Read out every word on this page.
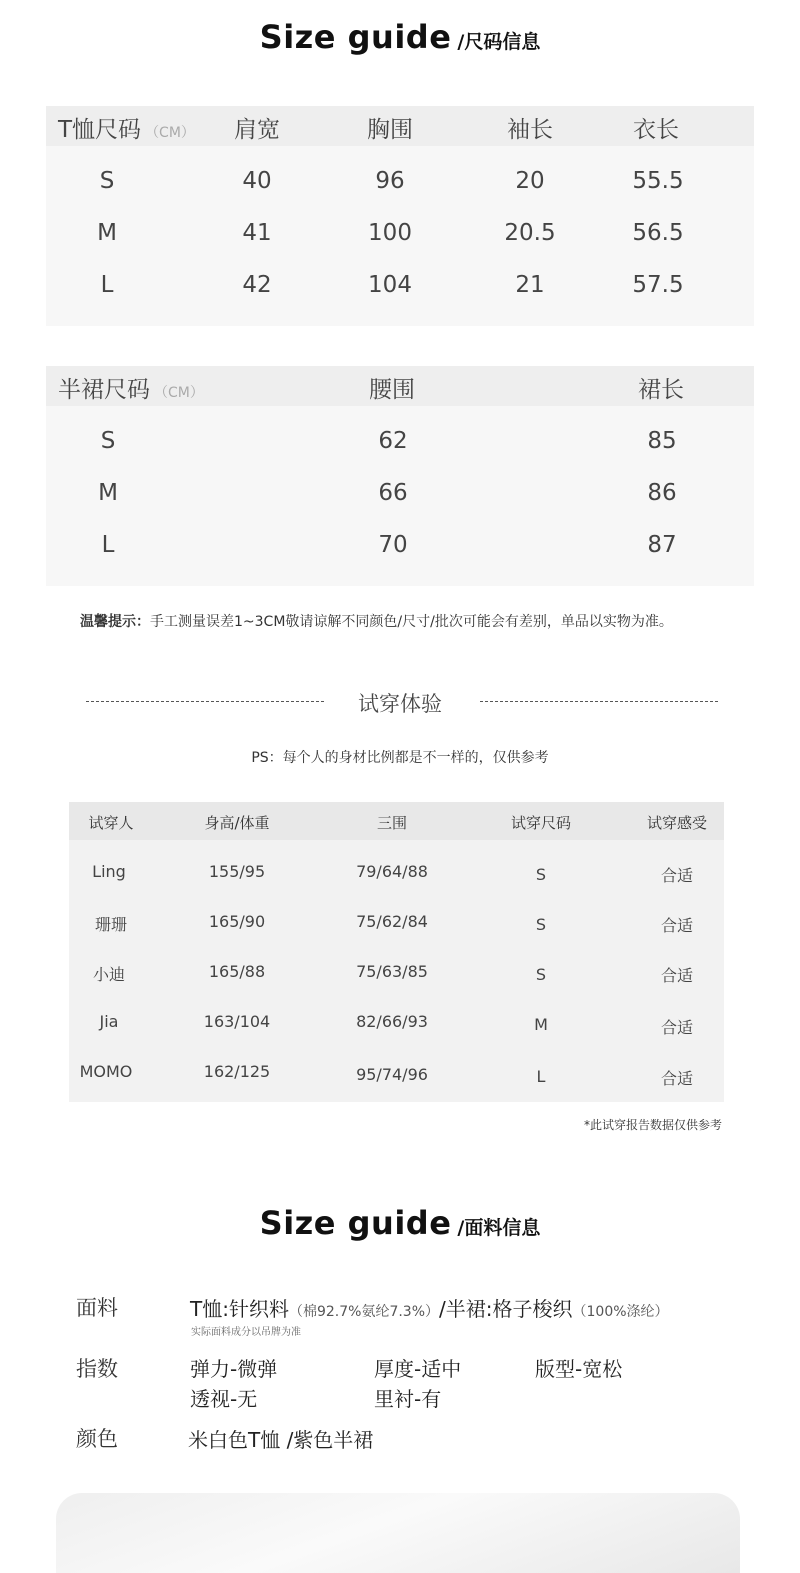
Size guide /尺码信息
T恤尺码 （CM） 肩宽	胸围	袖长	衣长
S	40	96	20	55.5
M	41	100	20.5	56.5
L	42	104	21	57.5
半裙尺码 （CM）	腰围	裙长
S	62	85
M	66	86
L	70	87
温馨提示：手工测量误差1~3CM敬请谅解不同颜色/尺寸/批次可能会有差别，单品以实物为准。
试穿体验
PS：每个人的身材比例都是不一样的，仅供参考
试穿人	身高/体重	三围	试穿尺码	试穿感受
Ling	155/95	79/64/88	S	合适
珊珊	165/90	75/62/84	S	合适
小迪	165/88	75/63/85	S	合适
Jia	163/104	82/66/93	M	合适
MOMO	162/125	95/74/96	L	合适
*此试穿报告数据仅供参考
Size guide /面料信息
面料	T恤:针织料（棉92.7%氨纶7.3%）/半裙:格子梭织（100%涤纶）
实际面料成分以吊牌为准
指数	弹力-微弹	厚度-适中	版型-宽松
透视-无	里衬-有
颜色	米白色T恤 /紫色半裙
